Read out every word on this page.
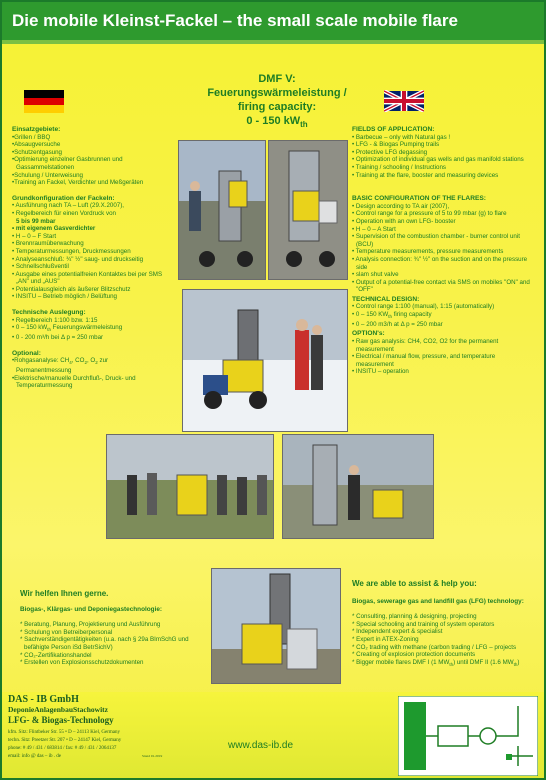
Die mobile Kleinst-Fackel – the small scale mobile flare
DMF V:
Feuerungswärmeleistung /
firing capacity:
0 - 150 $kW_{th}$
Einsatzgebiete:
•Grillen / BBQ
•Absaugversuche
•Schutzentgasung
•Optimierung einzelner Gasbrunnen und Gassammelstationen
•Schulung / Unterweisung
•Training an Fackel, Verdichter und Meßgeräten
Grundkonfiguration der Fackeln:
• Ausführung nach TA – Luft (29.X.2007),
• Regelbereich für einen Vordruck von
5 bis 99 mbar
• mit eigenem Gasverdichter
• H – 0 – F Start
• Brennraumüberwachung
• Temperaturmessungen, Druckmessungen
• Analyseanschluß: ¾" ½" saug- und druckseitig
• Schnellschlußventil
• Ausgabe eines potentialfreien Kontaktes bei per SMS „AN" und „AUS"
• Potentialausgleich als äußerer Blitzschutz
• INSITU – Betrieb möglich / Belüftung
Technische Auslegung:
• Regelbereich 1:100 bzw. 1:15
• 0 – 150 $kW_{th}$ Feuerungswärmeleistung
• 0 - 200 m³/h bei Δ p = 250 mbar
Optional:
•Rohgasanalyse: $CH_4$, $CO_2$, $O_2$ zur
Permanentmessung
•Elektrische/manuelle Durchfluß-, Druck- und Temperaturmessung
FIELDS OF APPLICATION:
• Barbecue – only with Natural gas !
• LFG - & Biogas Pumping trails
• Protective LFG degassing
• Optimization of individual gas wells and gas manifold stations
• Training / schooling / Instructions
• Training at the flare, booster and measuring devices
BASIC CONFIGURATION OF THE FLARES:
• Design according to TA air (2007),
• Control range for a pressure of 5 to 99 mbar (g) to flare
• Operation with an own LFG- booster
• H – 0 – A Start
• Supervision of the combustion chamber - burner control unit (BCU)
• Temperature measurements, pressure measurements
• Analysis connection: ¾" ½" on the suction and on the pressure side
• slam shut valve
• Output of a potential-free contact via SMS on mobiles "ON" and "OFF"
TECHNICAL DESIGN:
• Control range 1:100 (manual), 1:15 (automatically)
• 0 – 150 $KW_{th}$ firing capacity
• 0 – 200 m3/h at Δ p = 250 mbar
OPTION's:
• Raw gas analysis: CH4, CO2, O2 for the permanent measurement
• Electrical / manual flow, pressure, and temperature measurement
• INSITU – operation
Wir helfen Ihnen gerne.
Biogas-, Klärgas- und Deponiegastechnologie:
* Beratung, Planung, Projektierung und Ausführung
* Schulung von Betreiberpersonal
* Sachverständigentätigkeiten (u.a. nach § 29a BImSchG und befähigte Person iSd BetrSichV)
* CO₂-Zertifikationshandel
* Erstellen von Explosionsschutzdokumenten
We are able to assist & help you:
Biogas, sewerage gas and landfill gas (LFG) technology:
* Consulting, planning & designing, projecting
* Special schooling and training of system operators
* Independent expert & specialist
* Expert in ATEX-Zoning
* CO₂ trading with methane (carbon trading / LFG – projects
* Creating of explosion protection documents
* Bigger mobile flares DMF I (1 $MW_{th}$) until DMF II (1.6 $MW_{th}$)
DAS - IB GmbH
DeponieAnlagenbauStachowitz
LFG- & Biogas-Technology
kfm. Sitz: Flintbeker Str. 55 • D – 24113 Kiel, Germany
techn. Sitz: Preetzer Str. 207 • D – 24147 Kiel, Germany
phone: # 49 / 431 / 683814 / fax: # 49 / 431 / 2064137
email: info @ das – ib . de	Stand 01.2019
www.das-ib.de
